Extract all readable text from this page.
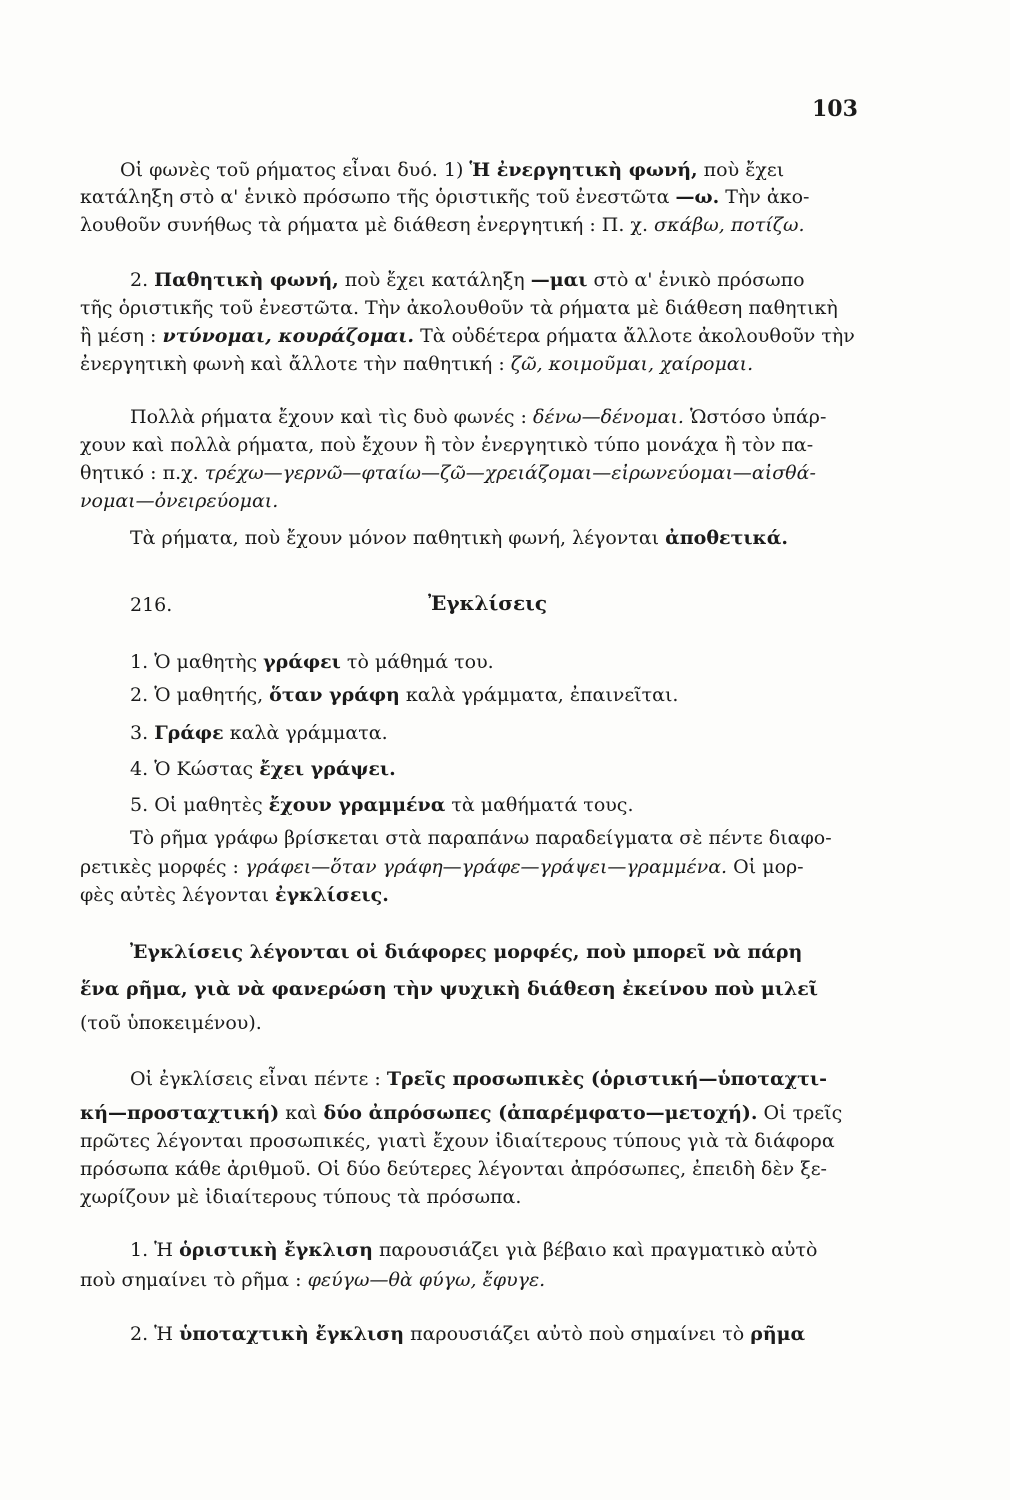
103
Οἱ φωνὲς τοῦ ρήματος εἶναι δυό. 1) Ἡ ἐνεργητικὴ φωνή, ποὺ ἔχει
κατάληξη στὸ α' ἑνικὸ πρόσωπο τῆς ὁριστικῆς τοῦ ἐνεστῶτα —ω. Τὴν ἀκο-
λουθοῦν συνήθως τὰ ρήματα μὲ διάθεση ἐνεργητική : Π. χ. σκάβω, ποτίζω.
2. Παθητικὴ φωνή, ποὺ ἔχει κατάληξη —μαι στὸ α' ἑνικὸ πρόσωπο
τῆς ὁριστικῆς τοῦ ἐνεστῶτα. Τὴν ἀκολουθοῦν τὰ ρήματα μὲ διάθεση παθητικὴ
ἢ μέση : ντύνομαι, κουράζομαι. Τὰ οὐδέτερα ρήματα ἄλλοτε ἀκολουθοῦν τὴν
ἐνεργητικὴ φωνὴ καὶ ἄλλοτε τὴν παθητική : ζῶ, κοιμοῦμαι, χαίρομαι.
Πολλὰ ρήματα ἔχουν καὶ τὶς δυὸ φωνές : δένω—δένομαι. Ὡστόσο ὑπάρ-
χουν καὶ πολλὰ ρήματα, ποὺ ἔχουν ἢ τὸν ἐνεργητικὸ τύπο μονάχα ἢ τὸν πα-
θητικό : π.χ. τρέχω—γερνῶ—φταίω—ζῶ—χρειάζομαι—εἰρωνεύομαι—αἰσθά-
νομαι—ὀνειρεύομαι.
Τὰ ρήματα, ποὺ ἔχουν μόνον παθητικὴ φωνή, λέγονται ἀποθετικά.
216.	Ἐγκλίσεις
1. Ὁ μαθητὴς γράφει τὸ μάθημά του.
2. Ὁ μαθητής, ὅταν γράφη καλὰ γράμματα, ἐπαινεῖται.
3. Γράφε καλὰ γράμματα.
4. Ὁ Κώστας ἔχει γράψει.
5. Οἱ μαθητὲς ἔχουν γραμμένα τὰ μαθήματά τους.
Τὸ ρῆμα γράφω βρίσκεται στὰ παραπάνω παραδείγματα σὲ πέντε διαφο-
ρετικὲς μορφές : γράφει—ὅταν γράφη—γράφε—γράψει—γραμμένα. Οἱ μορ-
φὲς αὐτὲς λέγονται ἐγκλίσεις.
Ἐγκλίσεις λέγονται οἱ διάφορες μορφές, ποὺ μπορεῖ νὰ πάρη
ἕνα ρῆμα, γιὰ νὰ φανερώση τὴν ψυχικὴ διάθεση ἐκείνου ποὺ μιλεῖ
(τοῦ ὑποκειμένου).
Οἱ ἐγκλίσεις εἶναι πέντε : Τρεῖς προσωπικὲς (ὁριστική—ὑποταχτι-
κή—προσταχτική) καὶ δύο ἀπρόσωπες (ἀπαρέμφατο—μετοχή). Οἱ τρεῖς
πρῶτες λέγονται προσωπικές, γιατὶ ἔχουν ἰδιαίτερους τύπους γιὰ τὰ διάφορα
πρόσωπα κάθε ἀριθμοῦ. Οἱ δύο δεύτερες λέγονται ἀπρόσωπες, ἐπειδὴ δὲν ξε-
χωρίζουν μὲ ἰδιαίτερους τύπους τὰ πρόσωπα.
1. Ἡ ὁριστικὴ ἔγκλιση παρουσιάζει γιὰ βέβαιο καὶ πραγματικὸ αὐτὸ
ποὺ σημαίνει τὸ ρῆμα : φεύγω—θὰ φύγω, ἔφυγε.
2. Ἡ ὑποταχτικὴ ἔγκλιση παρουσιάζει αὐτὸ ποὺ σημαίνει τὸ ρῆμα
